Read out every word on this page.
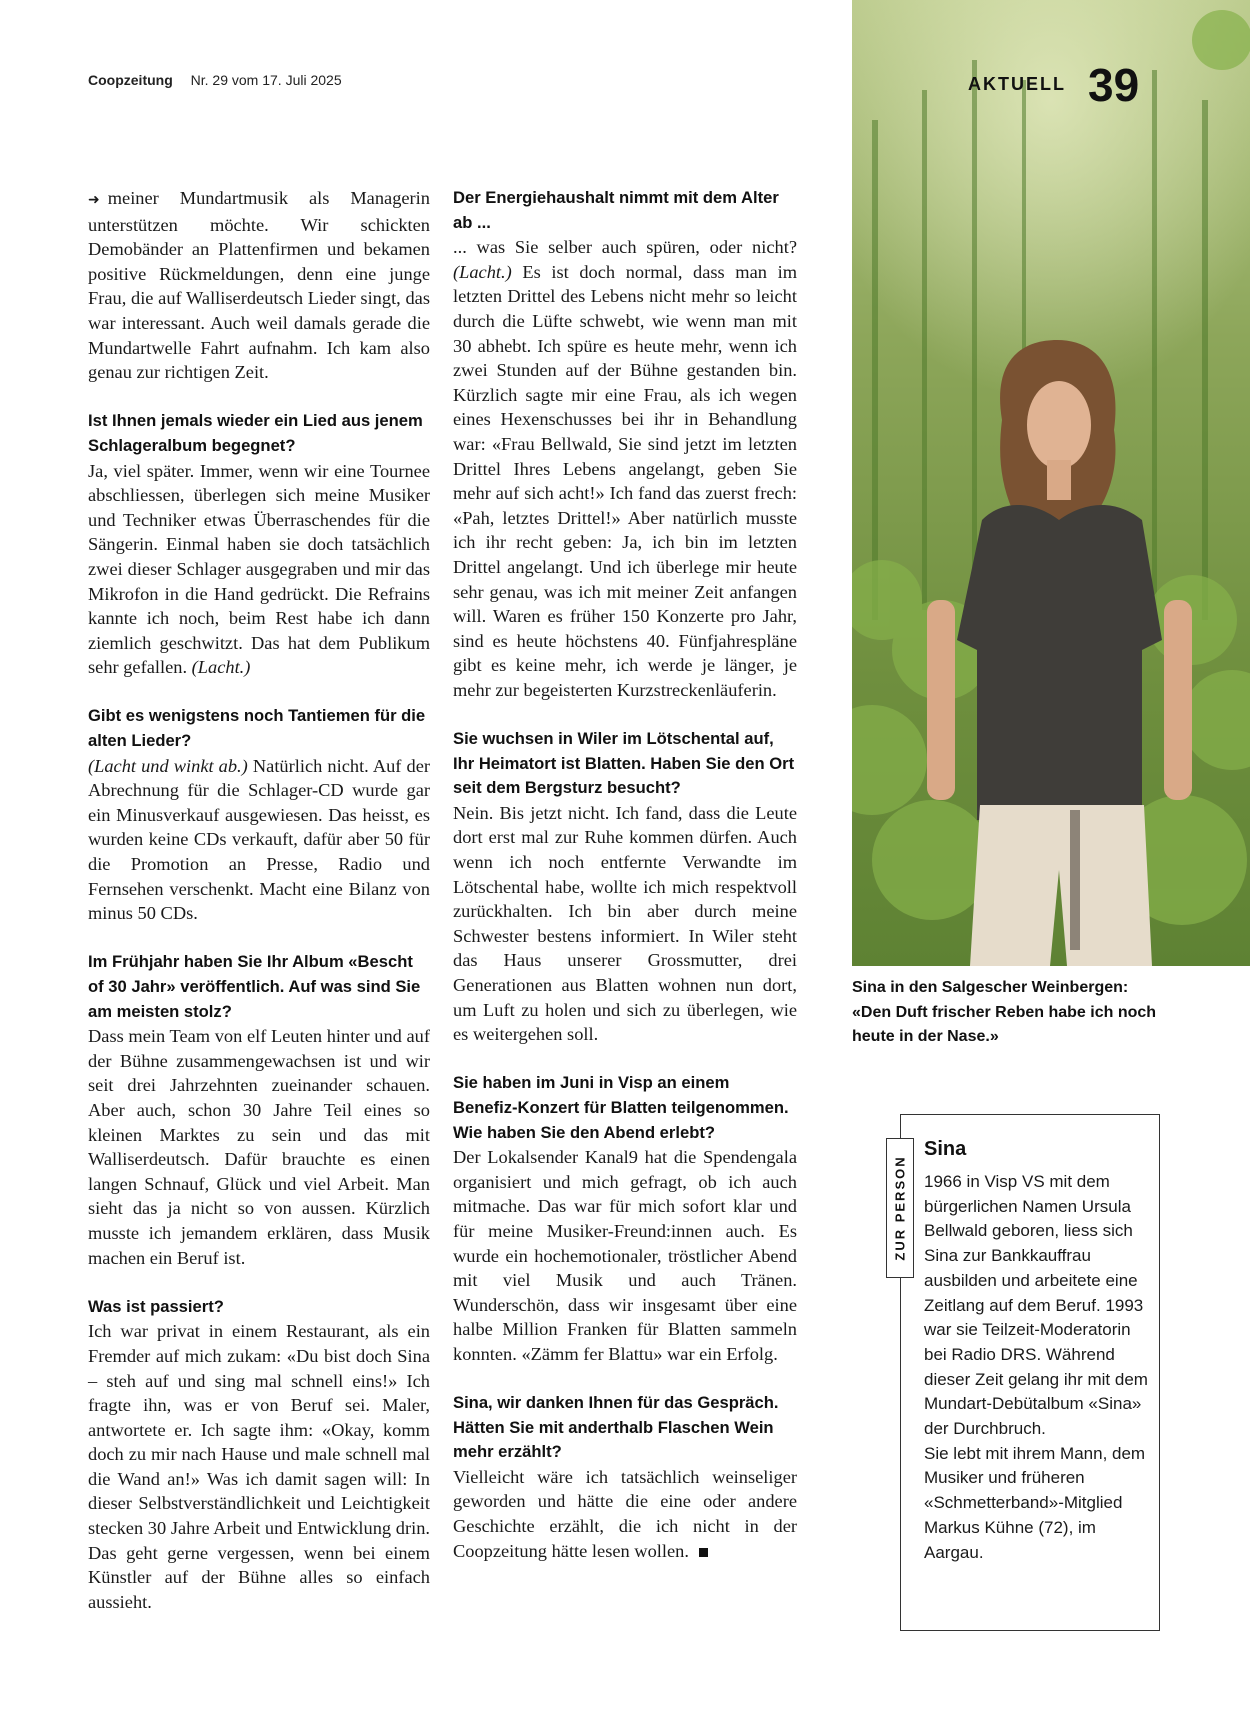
Coopzeitung Nr. 29 vom 17. Juli 2025	AKTUELL 39
Sina in den Salgescher Weinbergen:
«Den Duft frischer Reben habe ich noch heute in der Nase.»

➜ meiner Mundartmusik als Managerin unterstützen möchte. Wir schickten Demobänder an Plattenfirmen und bekamen positive Rückmeldungen, denn eine junge Frau, die auf Walliserdeutsch Lieder singt, das war interessant. Auch weil damals gerade die Mundartwelle Fahrt aufnahm. Ich kam also genau zur richtigen Zeit.

Ist Ihnen jemals wieder ein Lied aus jenem Schlageralbum begegnet?

Ja, viel später. Immer, wenn wir eine Tournee abschliessen, überlegen sich meine Musiker und Techniker etwas Überraschendes für die Sängerin. Einmal haben sie doch tatsächlich zwei dieser Schlager ausgegraben und mir das Mikrofon in die Hand gedrückt. Die Refrains kannte ich noch, beim Rest habe ich dann ziemlich geschwitzt. Das hat dem Publikum sehr gefallen. (Lacht.)

Gibt es wenigstens noch Tantiemen für die alten Lieder?

(Lacht und winkt ab.) Natürlich nicht. Auf der Abrechnung für die Schlager-CD wurde gar ein Minusverkauf ausgewiesen. Das heisst, es wurden keine CDs verkauft, dafür aber 50 für die Promotion an Presse, Radio und Fernsehen verschenkt. Macht eine Bilanz von minus 50 CDs.

Im Frühjahr haben Sie Ihr Album «Bescht of 30 Jahr» veröffentlich. Auf was sind Sie am meisten stolz?

Dass mein Team von elf Leuten hinter und auf der Bühne zusammengewachsen ist und wir seit drei Jahrzehnten zueinander schauen. Aber auch, schon 30 Jahre Teil eines so kleinen Marktes zu sein und das mit Walliserdeutsch. Dafür brauchte es einen langen Schnauf, Glück und viel Arbeit. Man sieht das ja nicht so von aussen. Kürzlich musste ich jemandem erklären, dass Musik machen ein Beruf ist.

Was ist passiert?

Ich war privat in einem Restaurant, als ein Fremder auf mich zukam: «Du bist doch Sina – steh auf und sing mal schnell eins!» Ich fragte ihn, was er von Beruf sei. Maler, antwortete er. Ich sagte ihm: «Okay, komm doch zu mir nach Hause und male schnell mal die Wand an!» Was ich damit sagen will: In dieser Selbstverständlichkeit und Leichtigkeit stecken 30 Jahre Arbeit und Entwicklung drin. Das geht gerne vergessen, wenn bei einem Künstler auf der Bühne alles so einfach aussieht.

Der Energiehaushalt nimmt mit dem Alter ab ...

... was Sie selber auch spüren, oder nicht? (Lacht.) Es ist doch normal, dass man im letzten Drittel des Lebens nicht mehr so leicht durch die Lüfte schwebt, wie wenn man mit 30 abhebt. Ich spüre es heute mehr, wenn ich zwei Stunden auf der Bühne gestanden bin. Kürzlich sagte mir eine Frau, als ich wegen eines Hexenschusses bei ihr in Behandlung war: «Frau Bellwald, Sie sind jetzt im letzten Drittel Ihres Lebens angelangt, geben Sie mehr auf sich acht!» Ich fand das zuerst frech: «Pah, letztes Drittel!» Aber natürlich musste ich ihr recht geben: Ja, ich bin im letzten Drittel angelangt. Und ich überlege mir heute sehr genau, was ich mit meiner Zeit anfangen will. Waren es früher 150 Konzerte pro Jahr, sind es heute höchstens 40. Fünfjahrespläne gibt es keine mehr, ich werde je länger, je mehr zur begeisterten Kurzstreckenläuferin.

Sie wuchsen in Wiler im Lötschental auf, Ihr Heimatort ist Blatten. Haben Sie den Ort seit dem Bergsturz besucht?

Nein. Bis jetzt nicht. Ich fand, dass die Leute dort erst mal zur Ruhe kommen dürfen. Auch wenn ich noch entfernte Verwandte im Lötschental habe, wollte ich mich respektvoll zurückhalten. Ich bin aber durch meine Schwester bestens informiert. In Wiler steht das Haus unserer Grossmutter, drei Generationen aus Blatten wohnen nun dort, um Luft zu holen und sich zu überlegen, wie es weitergehen soll.

Sie haben im Juni in Visp an einem Benefiz-Konzert für Blatten teilgenommen. Wie haben Sie den Abend erlebt?

Der Lokalsender Kanal9 hat die Spendengala organisiert und mich gefragt, ob ich auch mitmache. Das war für mich sofort klar und für meine Musiker-Freund:innen auch. Es wurde ein hochemotionaler, tröstlicher Abend mit viel Musik und auch Tränen. Wunderschön, dass wir insgesamt über eine halbe Million Franken für Blatten sammeln konnten. «Zämm fer Blattu» war ein Erfolg.

Sina, wir danken Ihnen für das Gespräch. Hätten Sie mit anderthalb Flaschen Wein mehr erzählt?

Vielleicht wäre ich tatsächlich weinseliger geworden und hätte die eine oder andere Geschichte erzählt, die ich nicht in der Coopzeitung hätte lesen wollen.

ZUR PERSON
Sina
1966 in Visp VS mit dem bürgerlichen Namen Ursula Bellwald geboren, liess sich Sina zur Bankkauffrau ausbilden und arbeitete eine Zeitlang auf dem Beruf. 1993 war sie Teilzeit-Moderatorin bei Radio DRS. Während dieser Zeit gelang ihr mit dem Mundart-Debütalbum «Sina» der Durchbruch.
Sie lebt mit ihrem Mann, dem Musiker und früheren «Schmetterband»-Mitglied Markus Kühne (72), im Aargau.
